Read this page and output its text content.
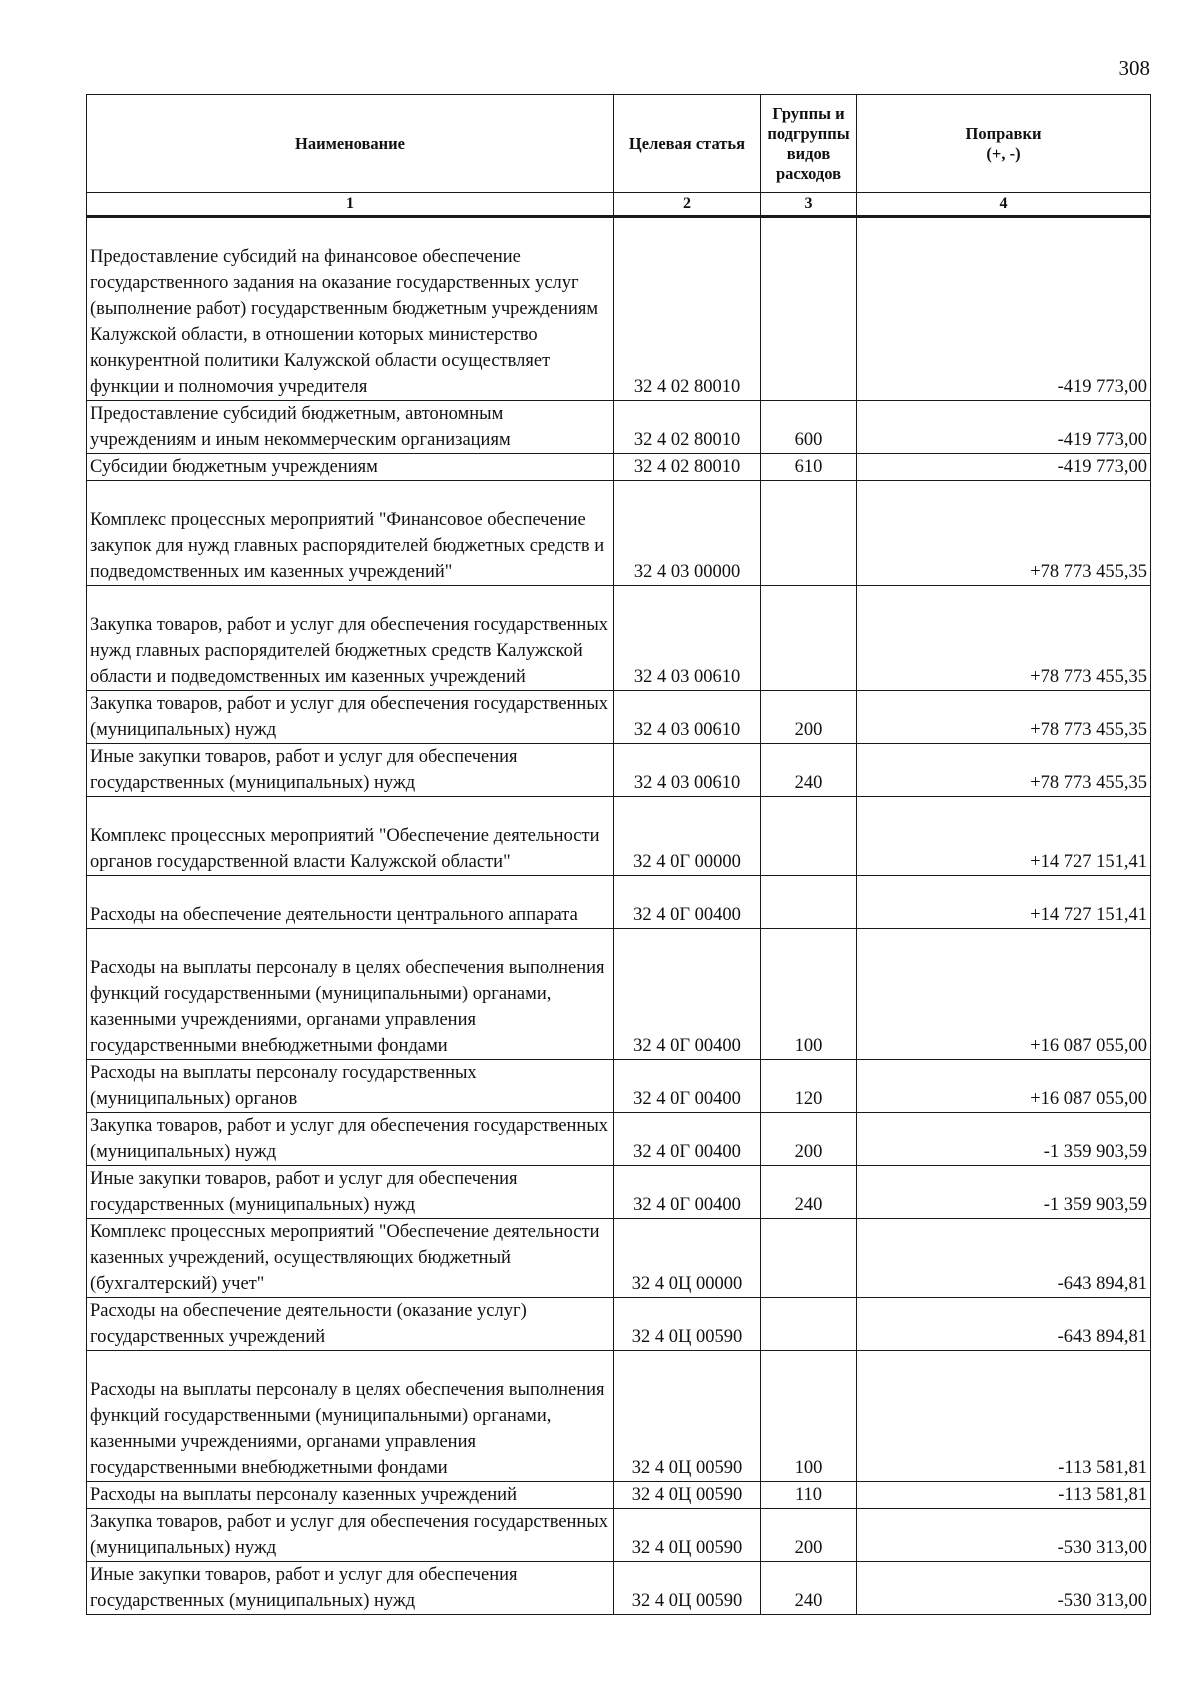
308
Наименование	Целевая статья	Группы и подгруппы видов расходов	Поправки
(+, -)
1	2	3	4

Предоставление субсидий на финансовое обеспечение государственного задания на оказание государственных услуг (выполнение работ) государственным бюджетным учреждениям Калужской области, в отношении которых министерство конкурентной политики Калужской области осуществляет функции и полномочия учредителя	32 4 02 80010		-419 773,00
Предоставление субсидий бюджетным, автономным учреждениям и иным некоммерческим организациям	32 4 02 80010	600	-419 773,00
Субсидии бюджетным учреждениям	32 4 02 80010	610	-419 773,00

Комплекс процессных мероприятий "Финансовое обеспечение закупок для нужд главных распорядителей бюджетных средств и подведомственных им казенных учреждений"	32 4 03 00000		+78 773 455,35

Закупка товаров, работ и услуг для обеспечения государственных нужд главных распорядителей бюджетных средств Калужской области и подведомственных им казенных учреждений	32 4 03 00610		+78 773 455,35
Закупка товаров, работ и услуг для обеспечения государственных (муниципальных) нужд	32 4 03 00610	200	+78 773 455,35
Иные закупки товаров, работ и услуг для обеспечения государственных (муниципальных) нужд	32 4 03 00610	240	+78 773 455,35

Комплекс процессных мероприятий "Обеспечение деятельности органов государственной власти Калужской области"	32 4 0Г 00000		+14 727 151,41

Расходы на обеспечение деятельности центрального аппарата	32 4 0Г 00400		+14 727 151,41

Расходы на выплаты персоналу в целях обеспечения выполнения функций государственными (муниципальными) органами, казенными учреждениями, органами управления государственными внебюджетными фондами	32 4 0Г 00400	100	+16 087 055,00
Расходы на выплаты персоналу государственных (муниципальных) органов	32 4 0Г 00400	120	+16 087 055,00
Закупка товаров, работ и услуг для обеспечения государственных (муниципальных) нужд	32 4 0Г 00400	200	-1 359 903,59
Иные закупки товаров, работ и услуг для обеспечения государственных (муниципальных) нужд	32 4 0Г 00400	240	-1 359 903,59
Комплекс процессных мероприятий "Обеспечение деятельности казенных учреждений, осуществляющих бюджетный (бухгалтерский) учет"	32 4 0Ц 00000		-643 894,81
Расходы на обеспечение деятельности (оказание услуг) государственных учреждений	32 4 0Ц 00590		-643 894,81

Расходы на выплаты персоналу в целях обеспечения выполнения функций государственными (муниципальными) органами, казенными учреждениями, органами управления государственными внебюджетными фондами	32 4 0Ц 00590	100	-113 581,81
Расходы на выплаты персоналу казенных учреждений	32 4 0Ц 00590	110	-113 581,81
Закупка товаров, работ и услуг для обеспечения государственных (муниципальных) нужд	32 4 0Ц 00590	200	-530 313,00
Иные закупки товаров, работ и услуг для обеспечения государственных (муниципальных) нужд	32 4 0Ц 00590	240	-530 313,00
